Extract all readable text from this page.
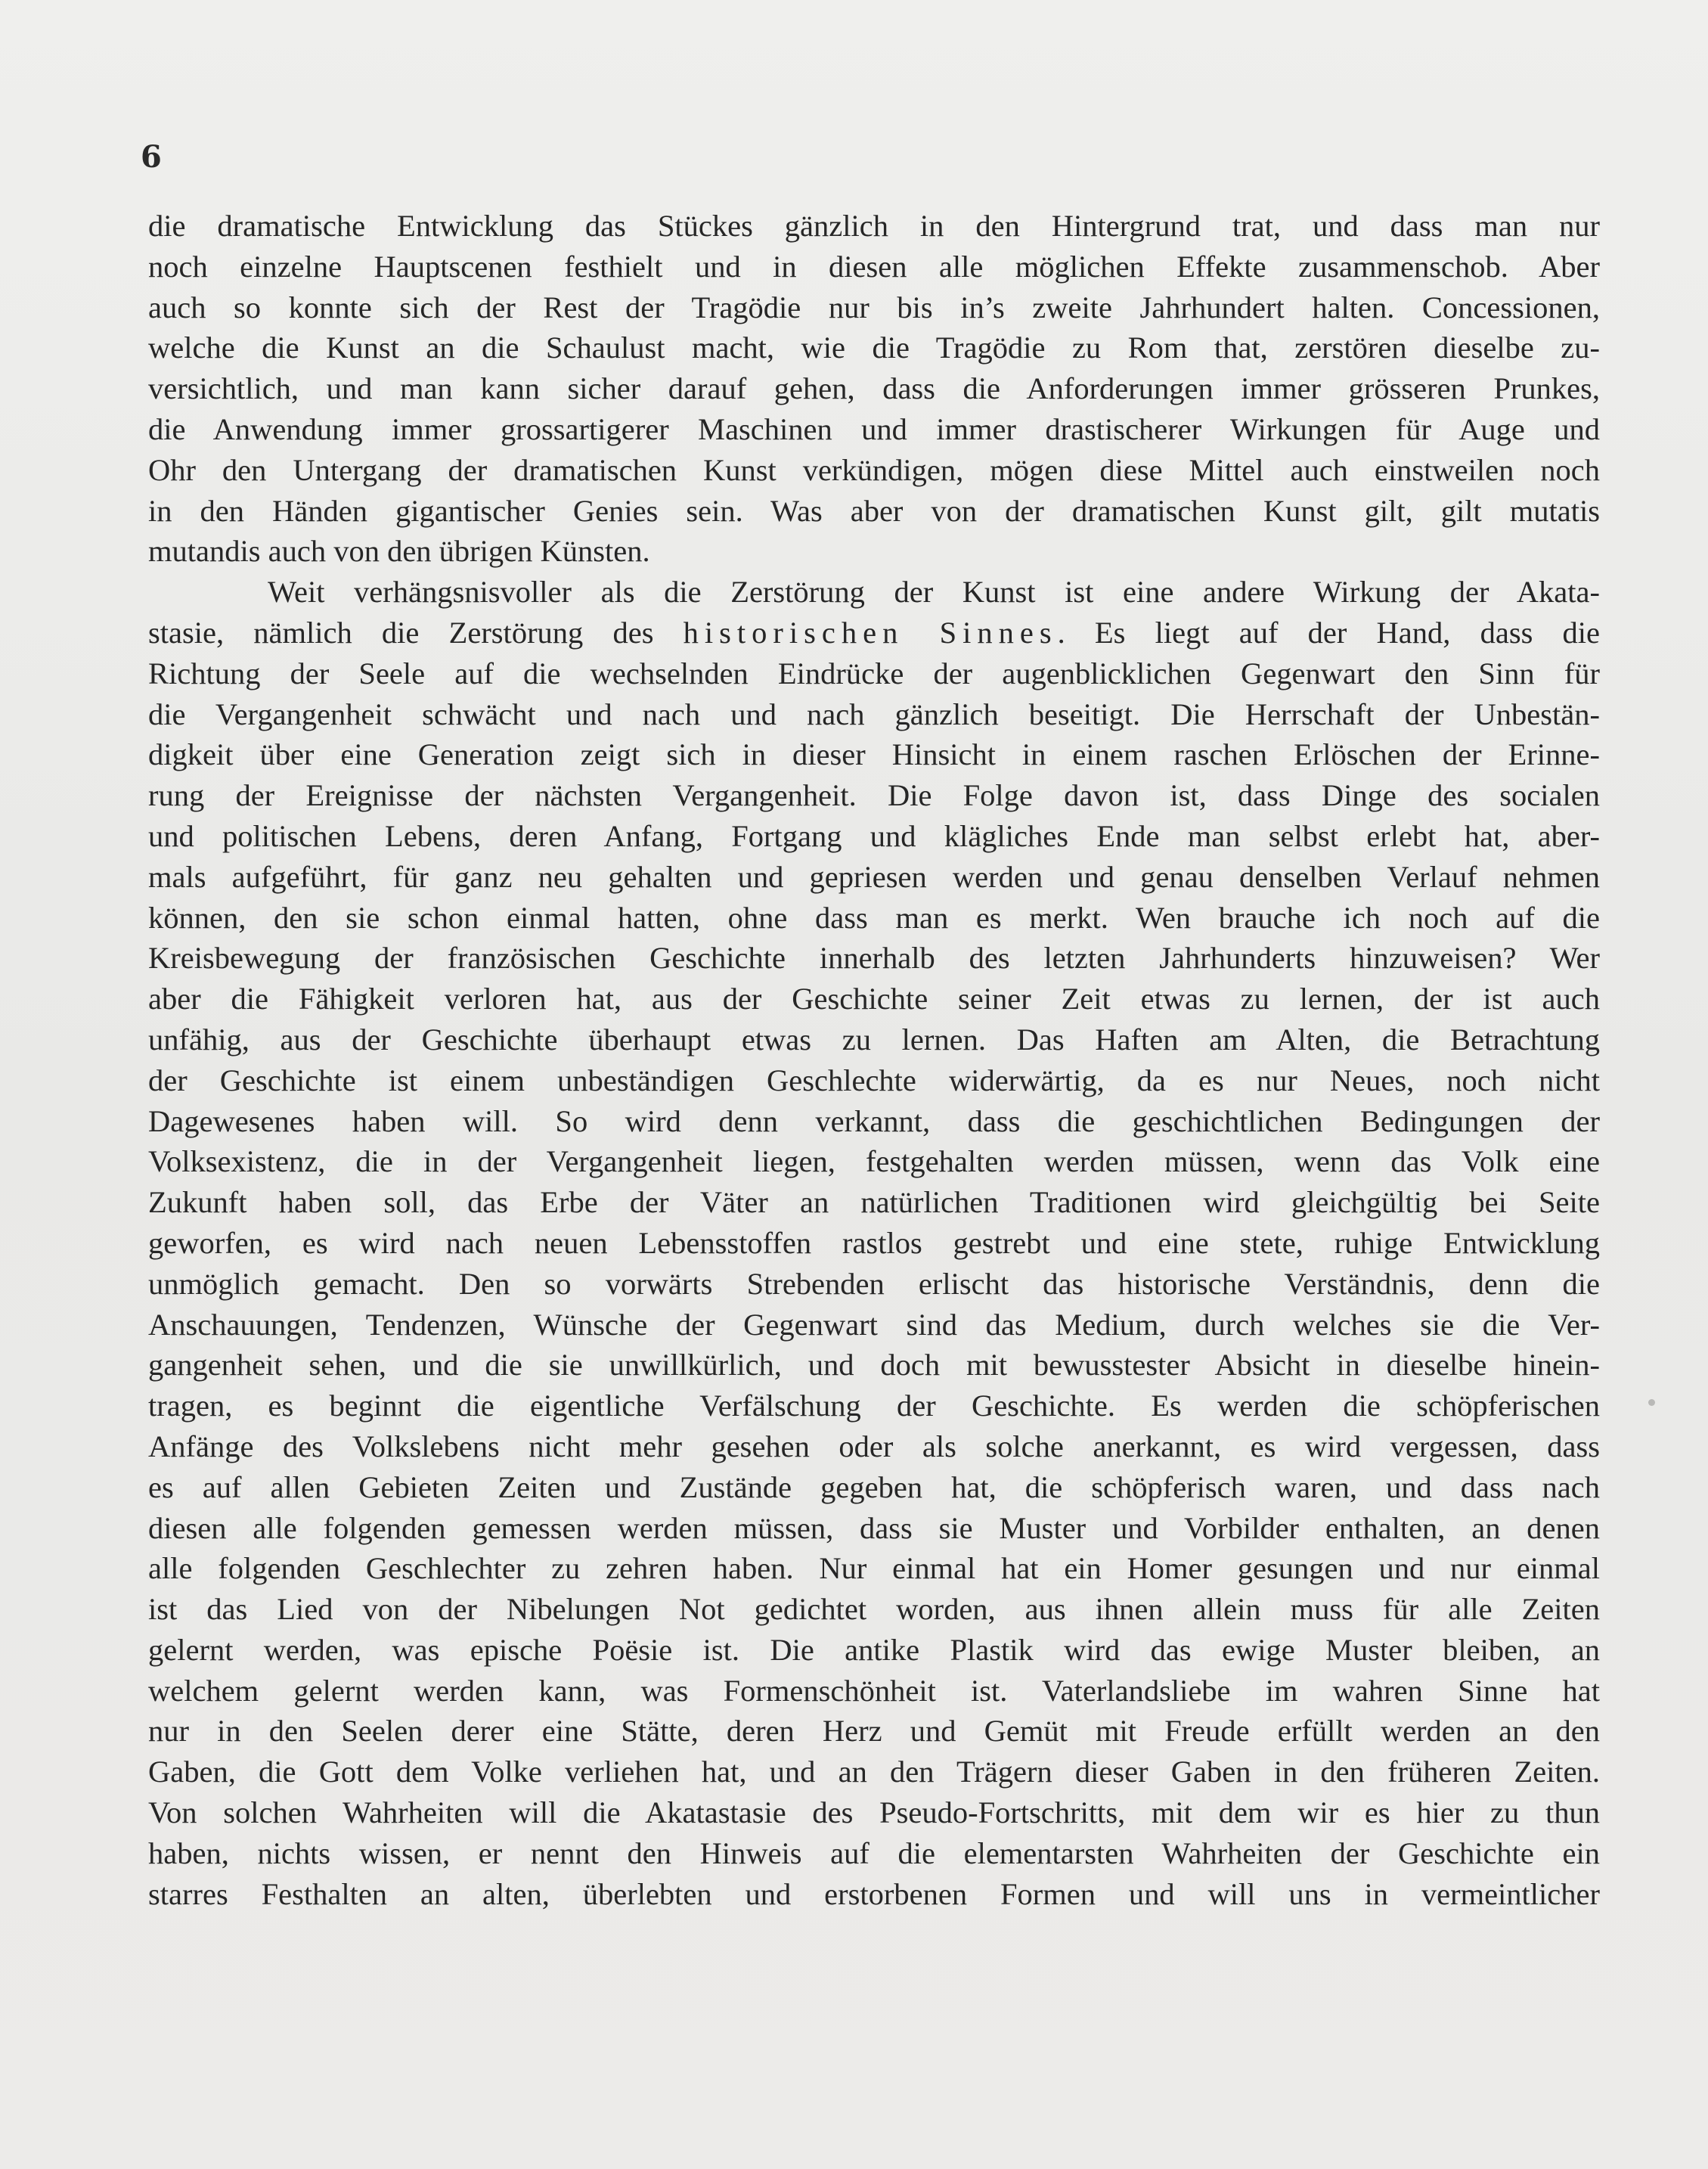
6
die dramatische Entwicklung das Stückes gänzlich in den Hintergrund trat, und dass man nur
noch einzelne Hauptscenen festhielt und in diesen alle möglichen Effekte zusammenschob. Aber
auch so konnte sich der Rest der Tragödie nur bis in’s zweite Jahrhundert halten. Concessionen,
welche die Kunst an die Schaulust macht, wie die Tragödie zu Rom that, zerstören dieselbe zu-
versichtlich, und man kann sicher darauf gehen, dass die Anforderungen immer grösseren Prunkes,
die Anwendung immer grossartigerer Maschinen und immer drastischerer Wirkungen für Auge und
Ohr den Untergang der dramatischen Kunst verkündigen, mögen diese Mittel auch einstweilen noch
in den Händen gigantischer Genies sein. Was aber von der dramatischen Kunst gilt, gilt mutatis
mutandis auch von den übrigen Künsten.
Weit verhängsnisvoller als die Zerstörung der Kunst ist eine andere Wirkung der Akata-
stasie, nämlich die Zerstörung des historischen Sinnes. Es liegt auf der Hand, dass die
Richtung der Seele auf die wechselnden Eindrücke der augenblicklichen Gegenwart den Sinn für
die Vergangenheit schwächt und nach und nach gänzlich beseitigt. Die Herrschaft der Unbestän-
digkeit über eine Generation zeigt sich in dieser Hinsicht in einem raschen Erlöschen der Erinne-
rung der Ereignisse der nächsten Vergangenheit. Die Folge davon ist, dass Dinge des socialen
und politischen Lebens, deren Anfang, Fortgang und klägliches Ende man selbst erlebt hat, aber-
mals aufgeführt, für ganz neu gehalten und gepriesen werden und genau denselben Verlauf nehmen
können, den sie schon einmal hatten, ohne dass man es merkt. Wen brauche ich noch auf die
Kreisbewegung der französischen Geschichte innerhalb des letzten Jahrhunderts hinzuweisen? Wer
aber die Fähigkeit verloren hat, aus der Geschichte seiner Zeit etwas zu lernen, der ist auch
unfähig, aus der Geschichte überhaupt etwas zu lernen. Das Haften am Alten, die Betrachtung
der Geschichte ist einem unbeständigen Geschlechte widerwärtig, da es nur Neues, noch nicht
Dagewesenes haben will. So wird denn verkannt, dass die geschichtlichen Bedingungen der
Volksexistenz, die in der Vergangenheit liegen, festgehalten werden müssen, wenn das Volk eine
Zukunft haben soll, das Erbe der Väter an natürlichen Traditionen wird gleichgültig bei Seite
geworfen, es wird nach neuen Lebensstoffen rastlos gestrebt und eine stete, ruhige Entwicklung
unmöglich gemacht. Den so vorwärts Strebenden erlischt das historische Verständnis, denn die
Anschauungen, Tendenzen, Wünsche der Gegenwart sind das Medium, durch welches sie die Ver-
gangenheit sehen, und die sie unwillkürlich, und doch mit bewusstester Absicht in dieselbe hinein-
tragen, es beginnt die eigentliche Verfälschung der Geschichte. Es werden die schöpferischen
Anfänge des Volkslebens nicht mehr gesehen oder als solche anerkannt, es wird vergessen, dass
es auf allen Gebieten Zeiten und Zustände gegeben hat, die schöpferisch waren, und dass nach
diesen alle folgenden gemessen werden müssen, dass sie Muster und Vorbilder enthalten, an denen
alle folgenden Geschlechter zu zehren haben. Nur einmal hat ein Homer gesungen und nur einmal
ist das Lied von der Nibelungen Not gedichtet worden, aus ihnen allein muss für alle Zeiten
gelernt werden, was epische Poësie ist. Die antike Plastik wird das ewige Muster bleiben, an
welchem gelernt werden kann, was Formenschönheit ist. Vaterlandsliebe im wahren Sinne hat
nur in den Seelen derer eine Stätte, deren Herz und Gemüt mit Freude erfüllt werden an den
Gaben, die Gott dem Volke verliehen hat, und an den Trägern dieser Gaben in den früheren Zeiten.
Von solchen Wahrheiten will die Akatastasie des Pseudo-Fortschritts, mit dem wir es hier zu thun
haben, nichts wissen, er nennt den Hinweis auf die elementarsten Wahrheiten der Geschichte ein
starres Festhalten an alten, überlebten und erstorbenen Formen und will uns in vermeintlicher
